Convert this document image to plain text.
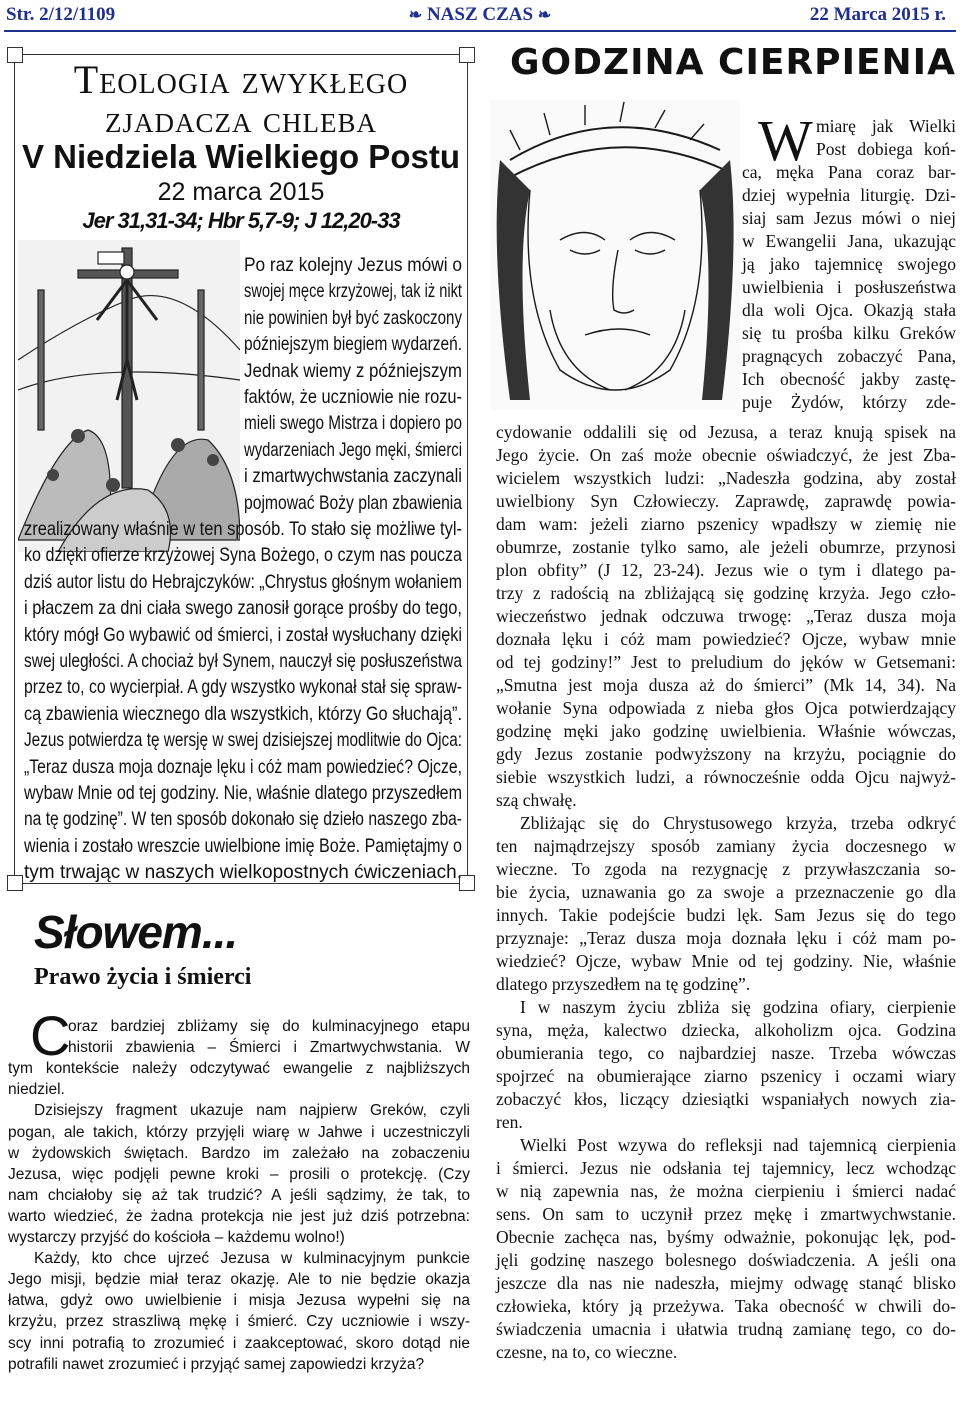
Str. 2/12/1109	❧ NASZ CZAS ❧	22 Marca 2015 r.
Teologia zwykłego
zjadacza chleba
V Niedziela Wielkiego Postu
22 marca 2015
Jer 31,31-34; Hbr 5,7-9; J 12,20-33
Po raz kolejny Jezus mówi o
swojej męce krzyżowej, tak iż nikt
nie powinien był być zaskoczony
późniejszym biegiem wydarzeń.
Jednak wiemy z późniejszym
faktów, że uczniowie nie rozu-
mieli swego Mistrza i dopiero po
wydarzeniach Jego męki, śmierci
i zmartwychwstania zaczynali
pojmować Boży plan zbawienia
zrealizowany właśnie w ten sposób. To stało się możliwe tyl-
ko dzięki ofierze krzyżowej Syna Bożego, o czym nas poucza
dziś autor listu do Hebrajczyków: „Chrystus głośnym wołaniem
i płaczem za dni ciała swego zanosił gorące prośby do tego,
który mógł Go wybawić od śmierci, i został wysłuchany dzięki
swej uległości. A chociaż był Synem, nauczył się posłuszeństwa
przez to, co wycierpiał. A gdy wszystko wykonał stał się spraw-
cą zbawienia wiecznego dla wszystkich, którzy Go słuchają”.
Jezus potwierdza tę wersję w swej dzisiejszej modlitwie do Ojca:
„Teraz dusza moja doznaje lęku i cóż mam powiedzieć? Ojcze,
wybaw Mnie od tej godziny. Nie, właśnie dlatego przyszedłem
na tę godzinę”. W ten sposób dokonało się dzieło naszego zba-
wienia i zostało wreszcie uwielbione imię Boże. Pamiętajmy o
tym trwając w naszych wielkopostnych ćwiczeniach.
Słowem...
Prawo życia i śmierci
C
GODZINA CIERPIENIA
W
oraz bardziej zbliżamy się do kulminacyjnego etapu
historii zbawienia – Śmierci i Zmartwychwstania. W
tym kontekście należy odczytywać ewangelie z najbliższych
niedziel.
Dzisiejszy fragment ukazuje nam najpierw Greków, czyli
pogan, ale takich, którzy przyjęli wiarę w Jahwe i uczestniczyli
w żydowskich świętach. Bardzo im zależało na zobaczeniu
Jezusa, więc podjęli pewne kroki – prosili o protekcję. (Czy
nam chciałoby się aż tak trudzić? A jeśli sądzimy, że tak, to
warto wiedzieć, że żadna protekcja nie jest już dziś potrzebna:
wystarczy przyjść do kościoła – każdemu wolno!)
Każdy, kto chce ujrzeć Jezusa w kulminacyjnym punkcie
Jego misji, będzie miał teraz okazję. Ale to nie będzie okazja
łatwa, gdyż owo uwielbienie i misja Jezusa wypełni się na
krzyżu, przez straszliwą mękę i śmierć. Czy uczniowie i wszy-
scy inni potrafią to zrozumieć i zaakceptować, skoro dotąd nie
potrafili nawet zrozumieć i przyjąć samej zapowiedzi krzyża?
miarę jak Wielki
Post dobiega koń-
ca, męka Pana coraz bar-
dziej wypełnia liturgię. Dzi-
siaj sam Jezus mówi o niej
w Ewangelii Jana, ukazując
ją jako tajemnicę swojego
uwielbienia i posłuszeństwa
dla woli Ojca. Okazją stała
się tu prośba kilku Greków
pragnących zobaczyć Pana,
Ich obecność jakby zastę-
puje Żydów, którzy zde-
cydowanie oddalili się od Jezusa, a teraz knują spisek na
Jego życie. On zaś może obecnie oświadczyć, że jest Zba-
wicielem wszystkich ludzi: „Nadeszła godzina, aby został
uwielbiony Syn Człowieczy. Zaprawdę, zaprawdę powia-
dam wam: jeżeli ziarno pszenicy wpadłszy w ziemię nie
obumrze, zostanie tylko samo, ale jeżeli obumrze, przynosi
plon obfity” (J 12, 23-24). Jezus wie o tym i dlatego pa-
trzy z radością na zbliżającą się godzinę krzyża. Jego czło-
wieczeństwo jednak odczuwa trwogę: „Teraz dusza moja
doznała lęku i cóż mam powiedzieć? Ojcze, wybaw mnie
od tej godziny!” Jest to preludium do jęków w Getsemani:
„Smutna jest moja dusza aż do śmierci” (Mk 14, 34). Na
wołanie Syna odpowiada z nieba głos Ojca potwierdzający
godzinę męki jako godzinę uwielbienia. Właśnie wówczas,
gdy Jezus zostanie podwyższony na krzyżu, pociągnie do
siebie wszystkich ludzi, a równocześnie odda Ojcu najwyż-
szą chwałę.
Zbliżając się do Chrystusowego krzyża, trzeba odkryć
ten najmądrzejszy sposób zamiany życia doczesnego w
wieczne. To zgoda na rezygnację z przywłaszczania so-
bie życia, uznawania go za swoje a przeznaczenie go dla
innych. Takie podejście budzi lęk. Sam Jezus się do tego
przyznaje: „Teraz dusza moja doznała lęku i cóż mam po-
wiedzieć? Ojcze, wybaw Mnie od tej godziny. Nie, właśnie
dlatego przyszedłem na tę godzinę”.
I w naszym życiu zbliża się godzina ofiary, cierpienie
syna, męża, kalectwo dziecka, alkoholizm ojca. Godzina
obumierania tego, co najbardziej nasze. Trzeba wówczas
spojrzeć na obumierające ziarno pszenicy i oczami wiary
zobaczyć kłos, liczący dziesiątki wspaniałych nowych zia-
ren.
Wielki Post wzywa do refleksji nad tajemnicą cierpienia
i śmierci. Jezus nie odsłania tej tajemnicy, lecz wchodząc
w nią zapewnia nas, że można cierpieniu i śmierci nadać
sens. On sam to uczynił przez mękę i zmartwychwstanie.
Obecnie zachęca nas, byśmy odważnie, pokonując lęk, pod-
jęli godzinę naszego bolesnego doświadczenia. A jeśli ona
jeszcze dla nas nie nadeszła, miejmy odwagę stanąć blisko
człowieka, który ją przeżywa. Taka obecność w chwili do-
świadczenia umacnia i ułatwia trudną zamianę tego, co do-
czesne, na to, co wieczne.
